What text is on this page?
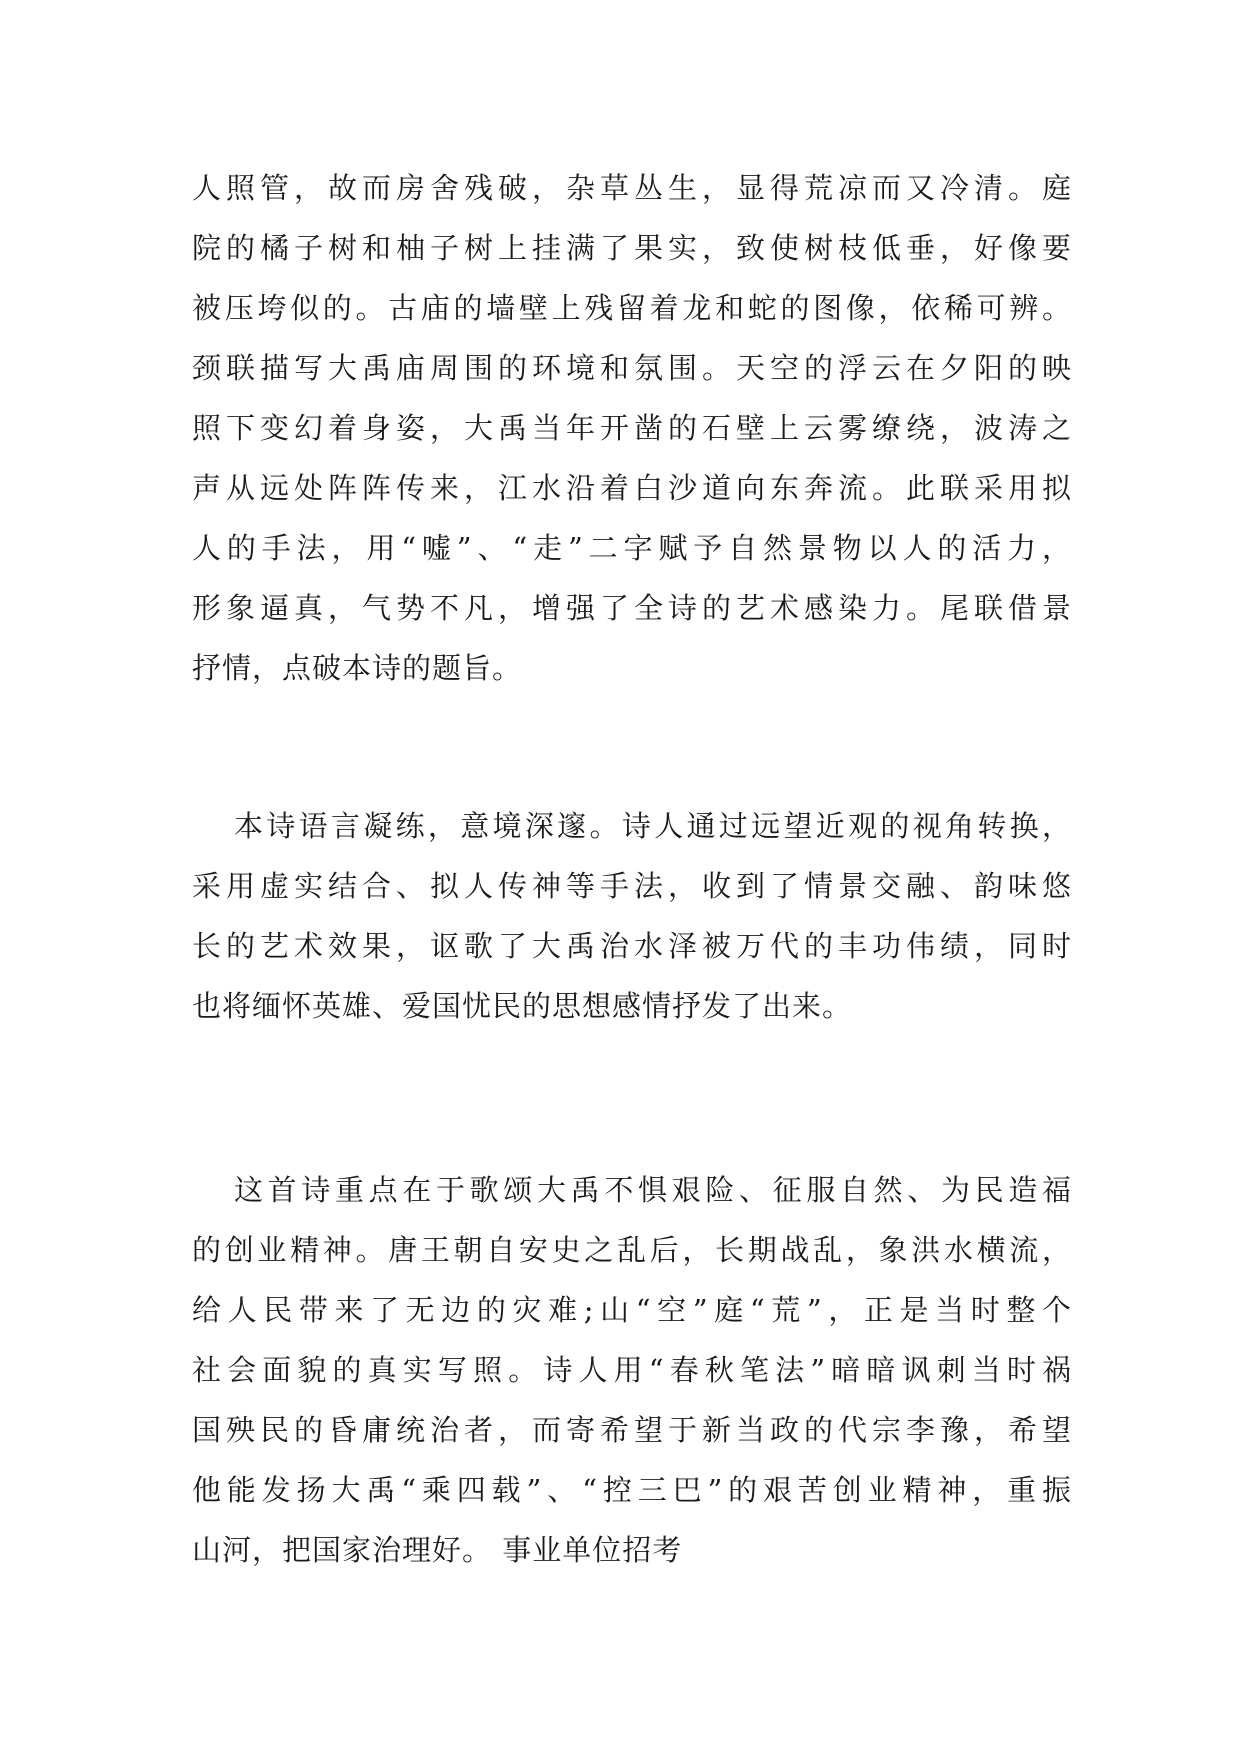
人照管，故而房舍残破，杂草丛生，显得荒凉而又冷清。庭
院的橘子树和柚子树上挂满了果实，致使树枝低垂，好像要
被压垮似的。古庙的墙壁上残留着龙和蛇的图像，依稀可辨。
颈联描写大禹庙周围的环境和氛围。天空的浮云在夕阳的映
照下变幻着身姿，大禹当年开凿的石壁上云雾缭绕，波涛之
声从远处阵阵传来，江水沿着白沙道向东奔流。此联采用拟
人的手法，用“嘘”、“走”二字赋予自然景物以人的活力，
形象逼真，气势不凡，增强了全诗的艺术感染力。尾联借景
抒情，点破本诗的题旨。
本诗语言凝练，意境深邃。诗人通过远望近观的视角转换，
采用虚实结合、拟人传神等手法，收到了情景交融、韵味悠
长的艺术效果，讴歌了大禹治水泽被万代的丰功伟绩，同时
也将缅怀英雄、爱国忧民的思想感情抒发了出来。
这首诗重点在于歌颂大禹不惧艰险、征服自然、为民造福
的创业精神。唐王朝自安史之乱后，长期战乱，象洪水横流，
给人民带来了无边的灾难;山“空”庭“荒”，正是当时整个
社会面貌的真实写照。诗人用“春秋笔法”暗暗讽刺当时祸
国殃民的昏庸统治者，而寄希望于新当政的代宗李豫，希望
他能发扬大禹“乘四载”、“控三巴”的艰苦创业精神，重振
山河，把国家治理好。 事业单位招考
